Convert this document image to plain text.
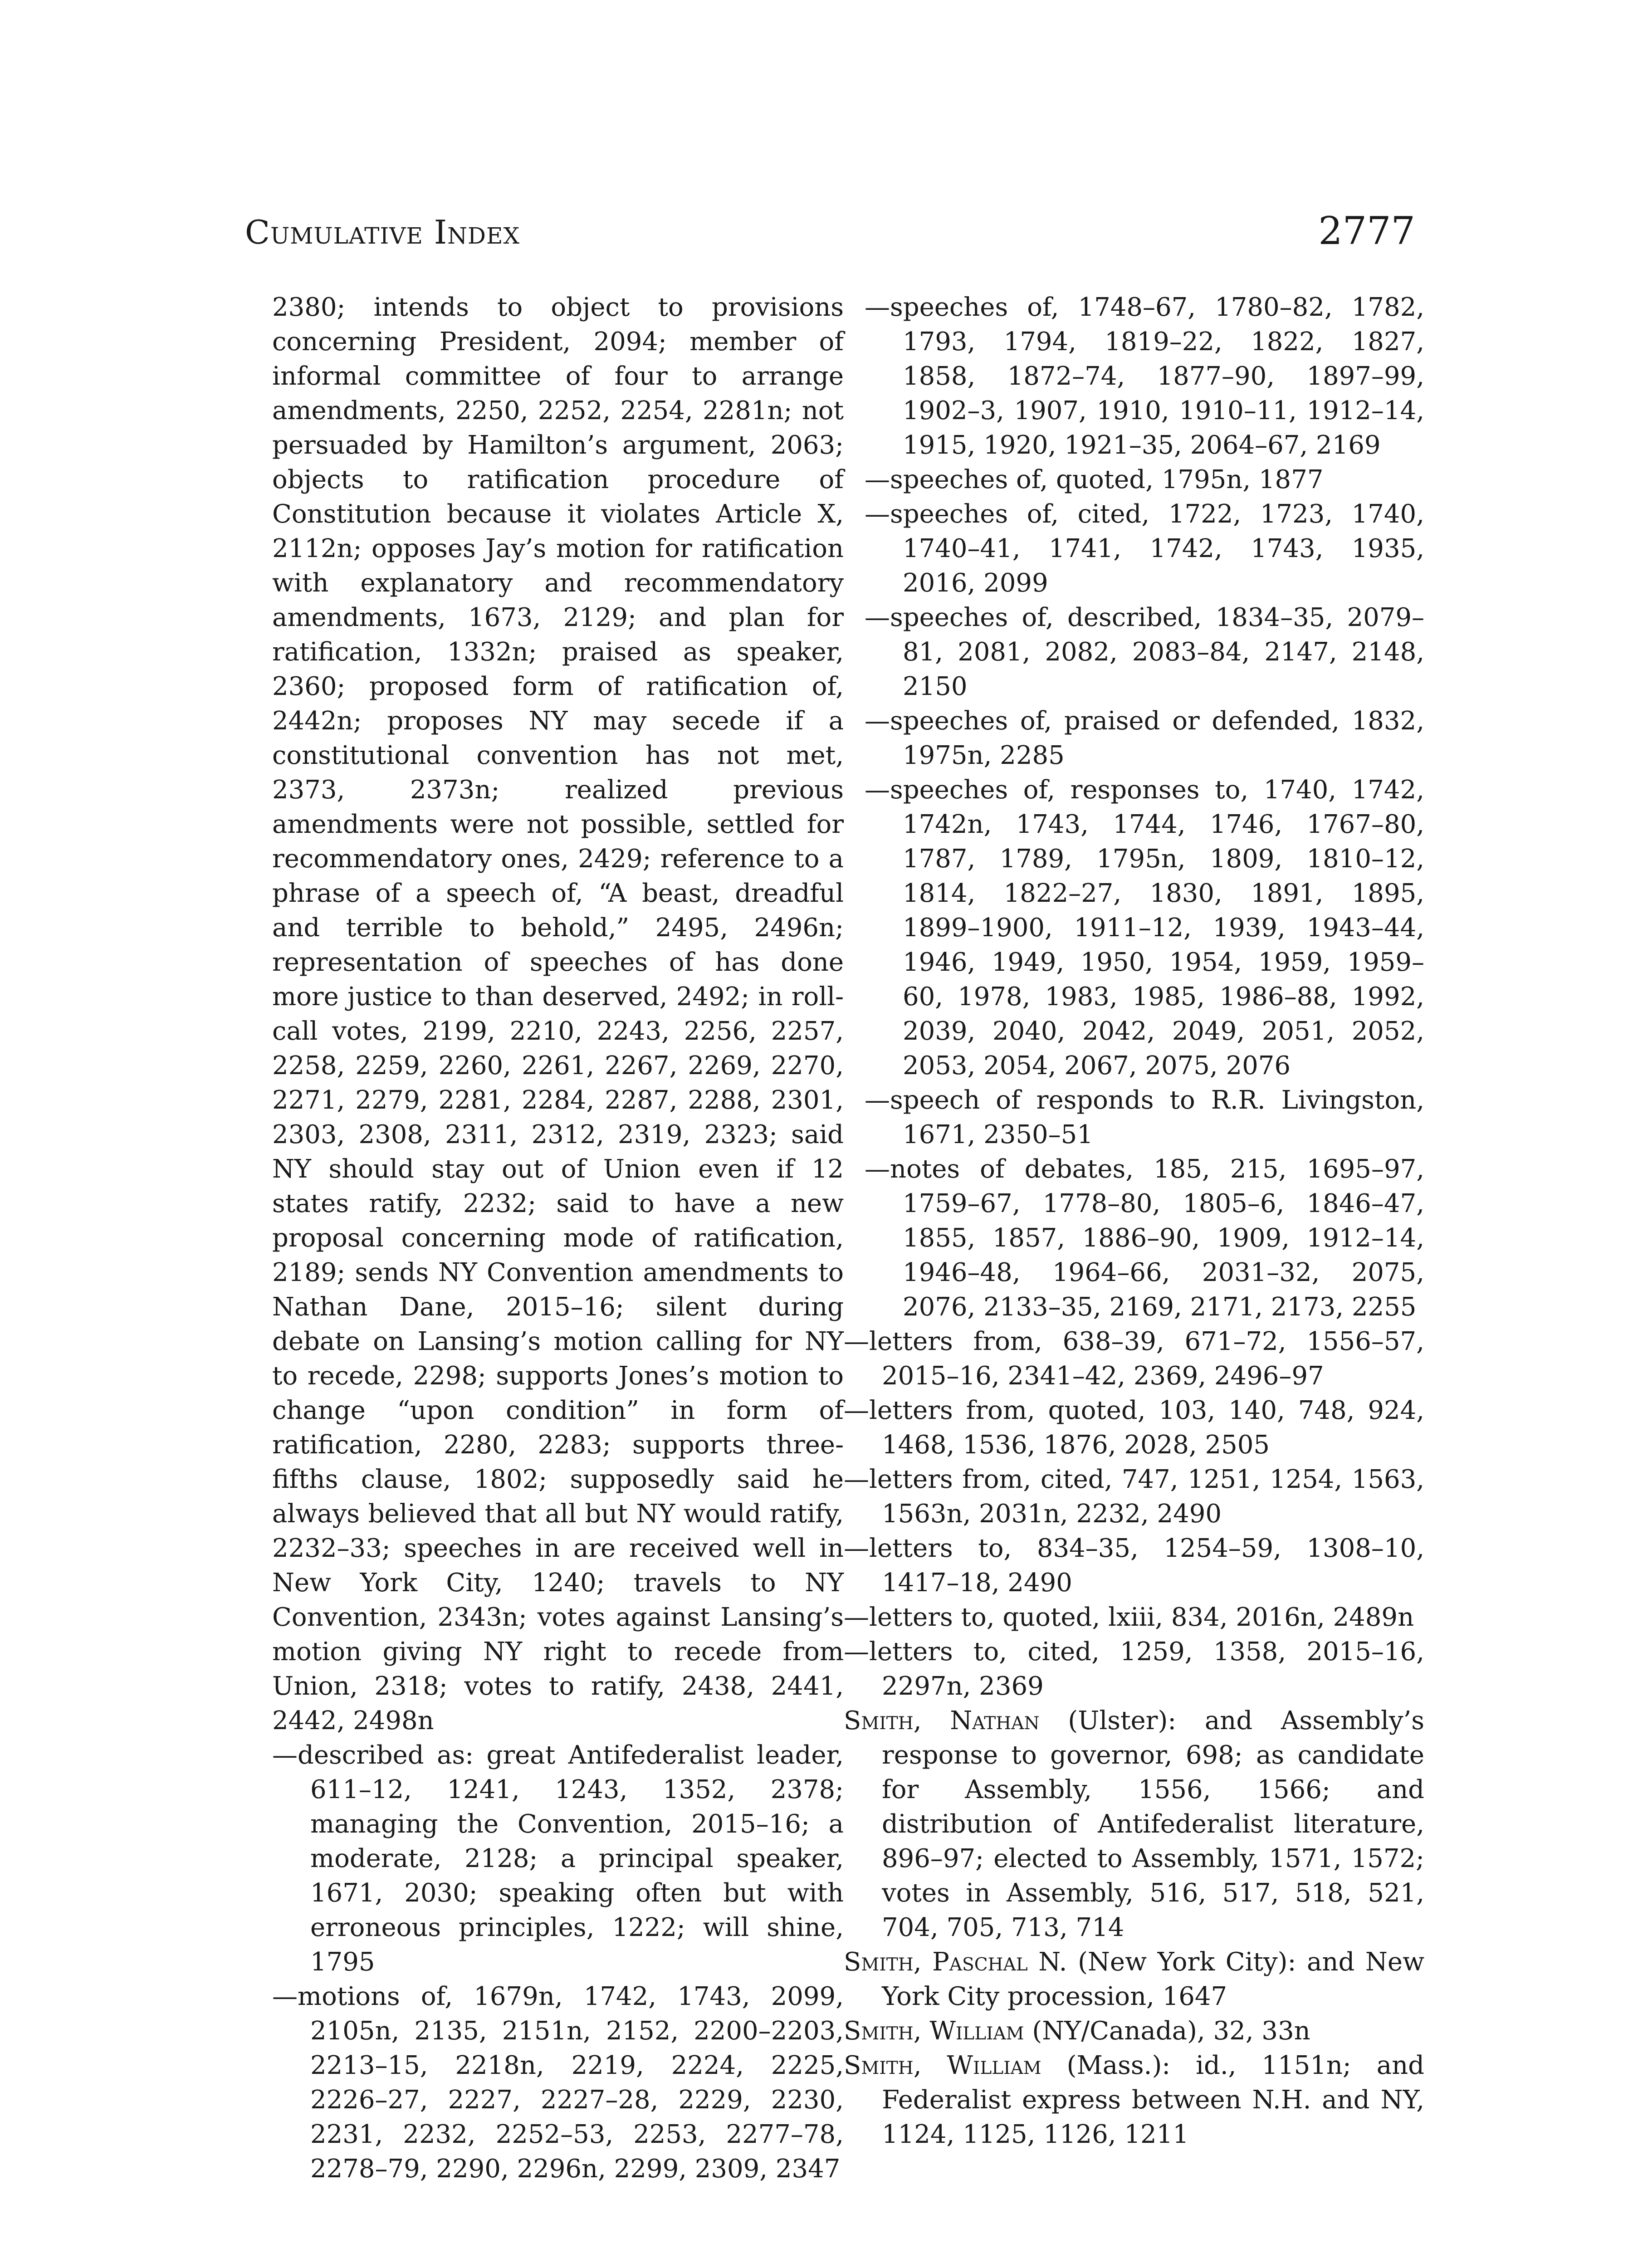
Cumulative Index	2777

2380; intends to object to provisions concerning President, 2094; member of informal committee of four to arrange amendments, 2250, 2252, 2254, 2281n; not persuaded by Hamilton’s argument, 2063; objects to ratification procedure of Constitution because it violates Article X, 2112n; opposes Jay’s motion for ratification with explanatory and recommendatory amendments, 1673, 2129; and plan for ratification, 1332n; praised as speaker, 2360; proposed form of ratification of, 2442n; proposes NY may secede if a constitutional convention has not met, 2373, 2373n; realized previous amendments were not possible, settled for recommendatory ones, 2429; reference to a phrase of a speech of, “A beast, dreadful and terrible to behold,” 2495, 2496n; representation of speeches of has done more justice to than deserved, 2492; in roll-call votes, 2199, 2210, 2243, 2256, 2257, 2258, 2259, 2260, 2261, 2267, 2269, 2270, 2271, 2279, 2281, 2284, 2287, 2288, 2301, 2303, 2308, 2311, 2312, 2319, 2323; said NY should stay out of Union even if 12 states ratify, 2232; said to have a new proposal concerning mode of ratification, 2189; sends NY Convention amendments to Nathan Dane, 2015–16; silent during debate on Lansing’s motion calling for NY to recede, 2298; supports Jones’s motion to change “upon condition” in form of ratification, 2280, 2283; supports three-fifths clause, 1802; supposedly said he always believed that all but NY would ratify, 2232–33; speeches in are received well in New York City, 1240; travels to NY Convention, 2343n; votes against Lansing’s motion giving NY right to recede from Union, 2318; votes to ratify, 2438, 2441, 2442, 2498n

—described as: great Antifederalist leader, 611–12, 1241, 1243, 1352, 2378; managing the Convention, 2015–16; a moderate, 2128; a principal speaker, 1671, 2030; speaking often but with erroneous principles, 1222; will shine, 1795

—motions of, 1679n, 1742, 1743, 2099, 2105n, 2135, 2151n, 2152, 2200–2203, 2213–15, 2218n, 2219, 2224, 2225, 2226–27, 2227, 2227–28, 2229, 2230, 2231, 2232, 2252–53, 2253, 2277–78, 2278–79, 2290, 2296n, 2299, 2309, 2347

—speeches of, 1748–67, 1780–82, 1782, 1793, 1794, 1819–22, 1822, 1827, 1858, 1872–74, 1877–90, 1897–99, 1902–3, 1907, 1910, 1910–11, 1912–14, 1915, 1920, 1921–35, 2064–67, 2169

—speeches of, quoted, 1795n, 1877

—speeches of, cited, 1722, 1723, 1740, 1740–41, 1741, 1742, 1743, 1935, 2016, 2099

—speeches of, described, 1834–35, 2079–81, 2081, 2082, 2083–84, 2147, 2148, 2150

—speeches of, praised or defended, 1832, 1975n, 2285

—speeches of, responses to, 1740, 1742, 1742n, 1743, 1744, 1746, 1767–80, 1787, 1789, 1795n, 1809, 1810–12, 1814, 1822–27, 1830, 1891, 1895, 1899–1900, 1911–12, 1939, 1943–44, 1946, 1949, 1950, 1954, 1959, 1959–60, 1978, 1983, 1985, 1986–88, 1992, 2039, 2040, 2042, 2049, 2051, 2052, 2053, 2054, 2067, 2075, 2076

—speech of responds to R.R. Livingston, 1671, 2350–51

—notes of debates, 185, 215, 1695–97, 1759–67, 1778–80, 1805–6, 1846–47, 1855, 1857, 1886–90, 1909, 1912–14, 1946–48, 1964–66, 2031–32, 2075, 2076, 2133–35, 2169, 2171, 2173, 2255

—letters from, 638–39, 671–72, 1556–57, 2015–16, 2341–42, 2369, 2496–97

—letters from, quoted, 103, 140, 748, 924, 1468, 1536, 1876, 2028, 2505

—letters from, cited, 747, 1251, 1254, 1563, 1563n, 2031n, 2232, 2490

—letters to, 834–35, 1254–59, 1308–10, 1417–18, 2490

—letters to, quoted, lxiii, 834, 2016n, 2489n

—letters to, cited, 1259, 1358, 2015–16, 2297n, 2369

Smith, Nathan (Ulster): and Assembly’s response to governor, 698; as candidate for Assembly, 1556, 1566; and distribution of Antifederalist literature, 896–97; elected to Assembly, 1571, 1572; votes in Assembly, 516, 517, 518, 521, 704, 705, 713, 714

Smith, Paschal N. (New York City): and New York City procession, 1647

Smith, William (NY/Canada), 32, 33n

Smith, William (Mass.): id., 1151n; and Federalist express between N.H. and NY, 1124, 1125, 1126, 1211
